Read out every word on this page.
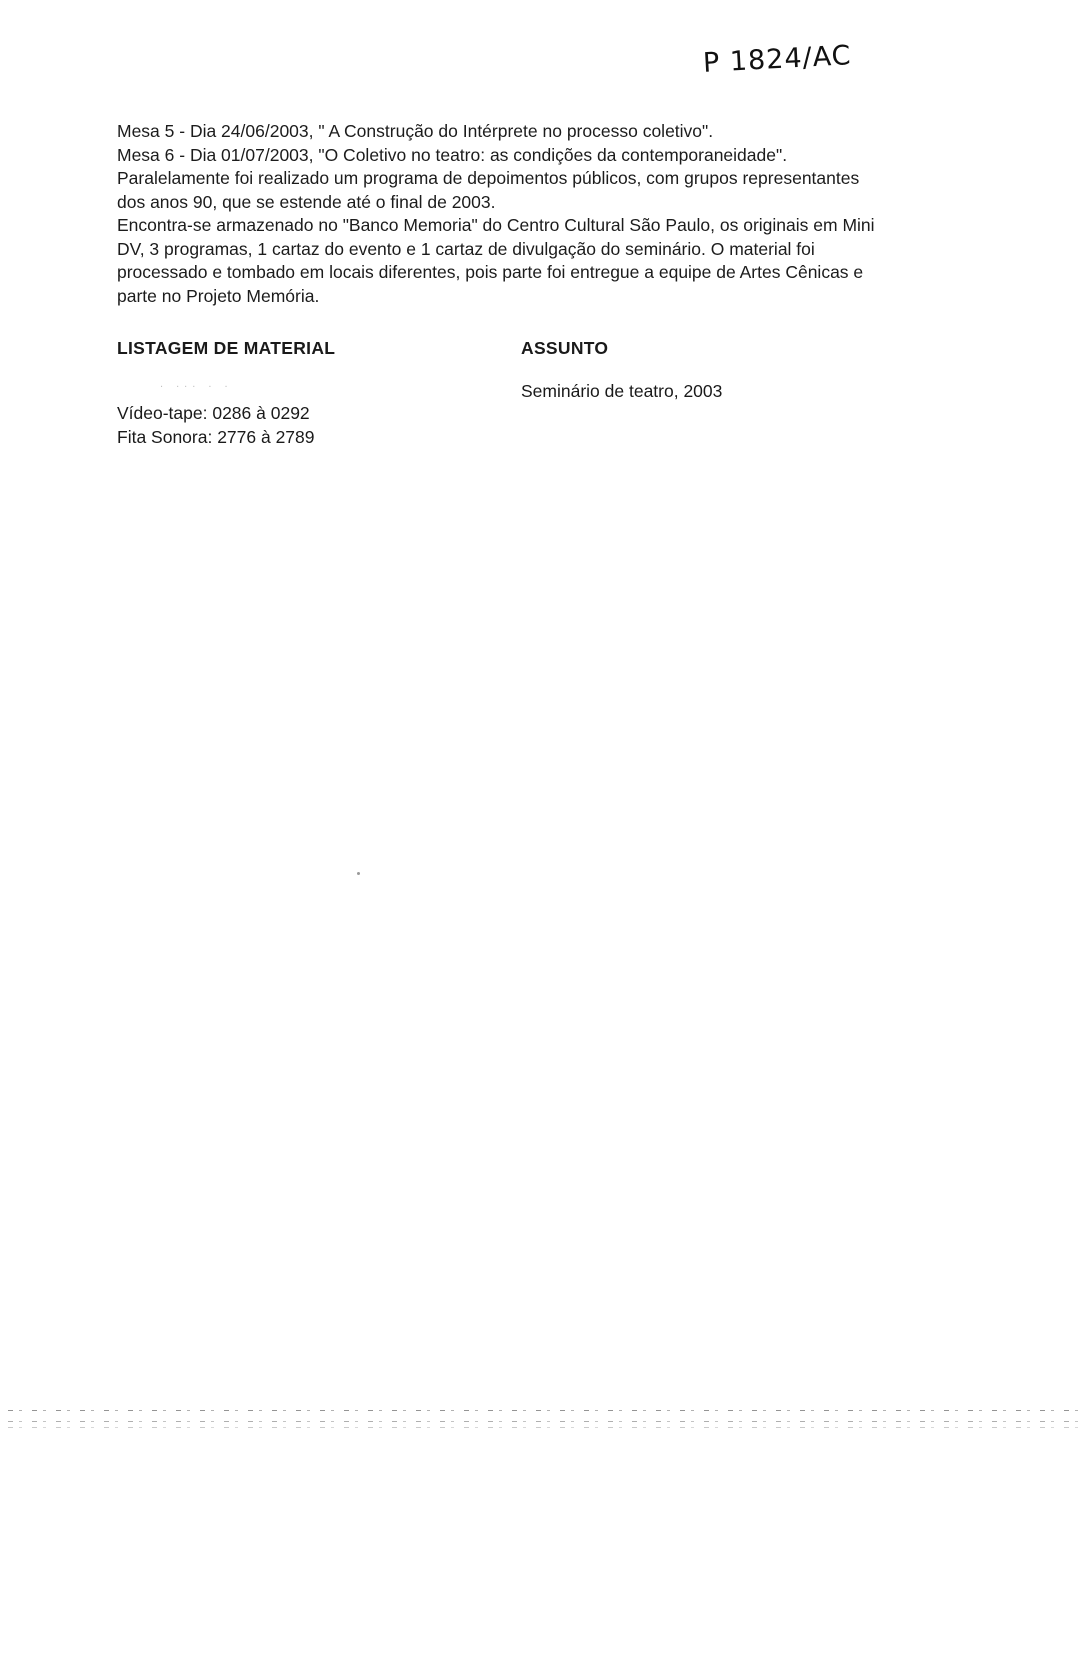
P 1824/AC

Mesa 5 - Dia 24/06/2003, " A Construção do Intérprete no processo coletivo".

Mesa 6 - Dia 01/07/2003, "O Coletivo no teatro: as condições da contemporaneidade".

Paralelamente foi realizado um programa de depoimentos públicos, com grupos representantes dos anos 90, que se estende até o final de 2003.

Encontra-se armazenado no "Banco Memoria" do Centro Cultural São Paulo, os originais em Mini DV, 3 programas, 1 cartaz do evento e 1 cartaz de divulgação do seminário. O material foi processado e tombado em locais diferentes, pois parte foi entregue a equipe de Artes Cênicas e parte no Projeto Memória.

LISTAGEM DE MATERIAL	ASSUNTO
. ... . .
Vídeo-tape: 0286 à 0292
Fita Sonora: 2776 à 2789
Seminário de teatro, 2003
